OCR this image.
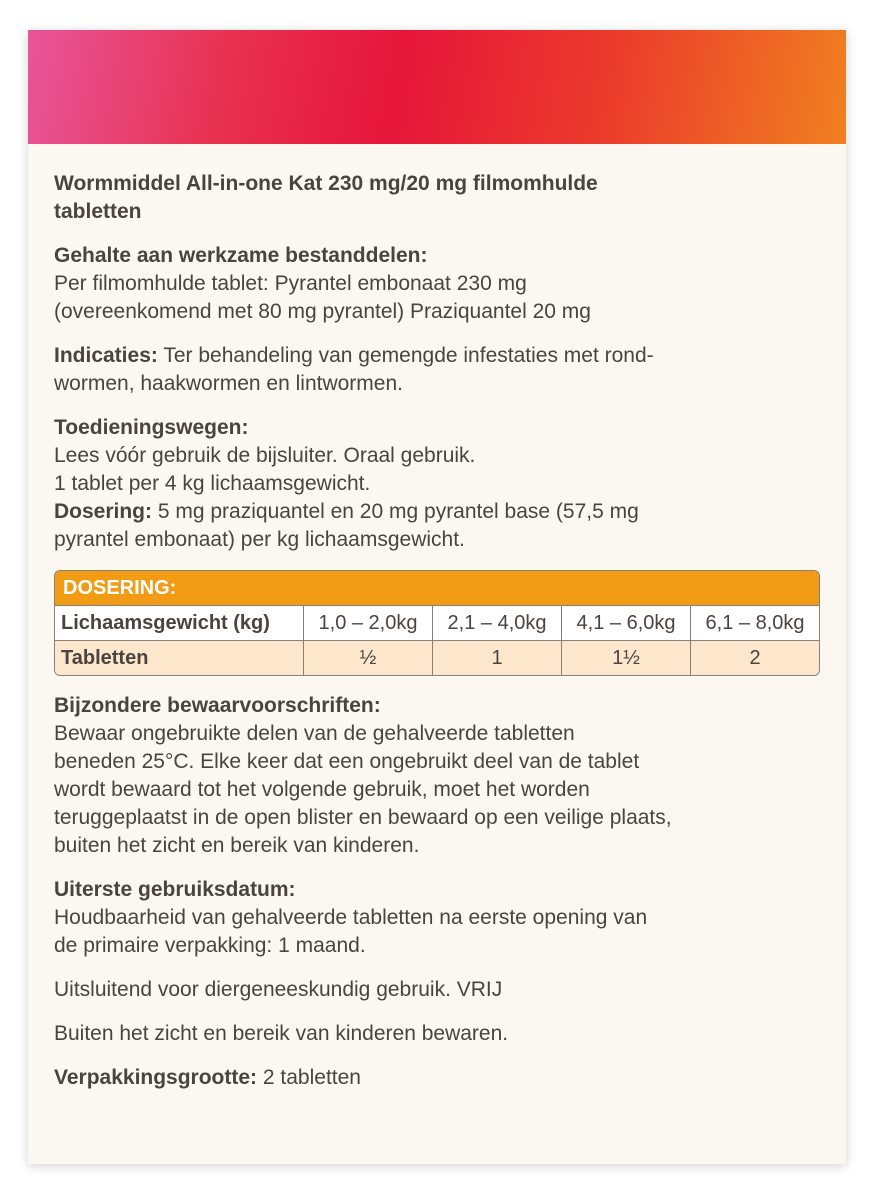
Wormmiddel All-in-one Kat 230 mg/20 mg filmomhulde
tabletten

Gehalte aan werkzame bestanddelen:

Per filmomhulde tablet: Pyrantel embonaat 230 mg

(overeenkomend met 80 mg pyrantel) Praziquantel 20 mg

Indicaties: Ter behandeling van gemengde infestaties met rond-

wormen, haakwormen en lintwormen.

Toedieningswegen:

Lees vóór gebruik de bijsluiter. Oraal gebruik.

1 tablet per 4 kg lichaamsgewicht.

Dosering: 5 mg praziquantel en 20 mg pyrantel base (57,5 mg

pyrantel embonaat) per kg lichaamsgewicht.

DOSERING:
Lichaamsgewicht (kg)	1,0 – 2,0kg	2,1 – 4,0kg	4,1 – 6,0kg	6,1 – 8,0kg
Tabletten	½	1	1½	2

Bijzondere bewaarvoorschriften:

Bewaar ongebruikte delen van de gehalveerde tabletten

beneden 25°C. Elke keer dat een ongebruikt deel van de tablet

wordt bewaard tot het volgende gebruik, moet het worden

teruggeplaatst in de open blister en bewaard op een veilige plaats,

buiten het zicht en bereik van kinderen.

Uiterste gebruiksdatum:

Houdbaarheid van gehalveerde tabletten na eerste opening van

de primaire verpakking: 1 maand.

Uitsluitend voor diergeneeskundig gebruik. VRIJ

Buiten het zicht en bereik van kinderen bewaren.

Verpakkingsgrootte: 2 tabletten
